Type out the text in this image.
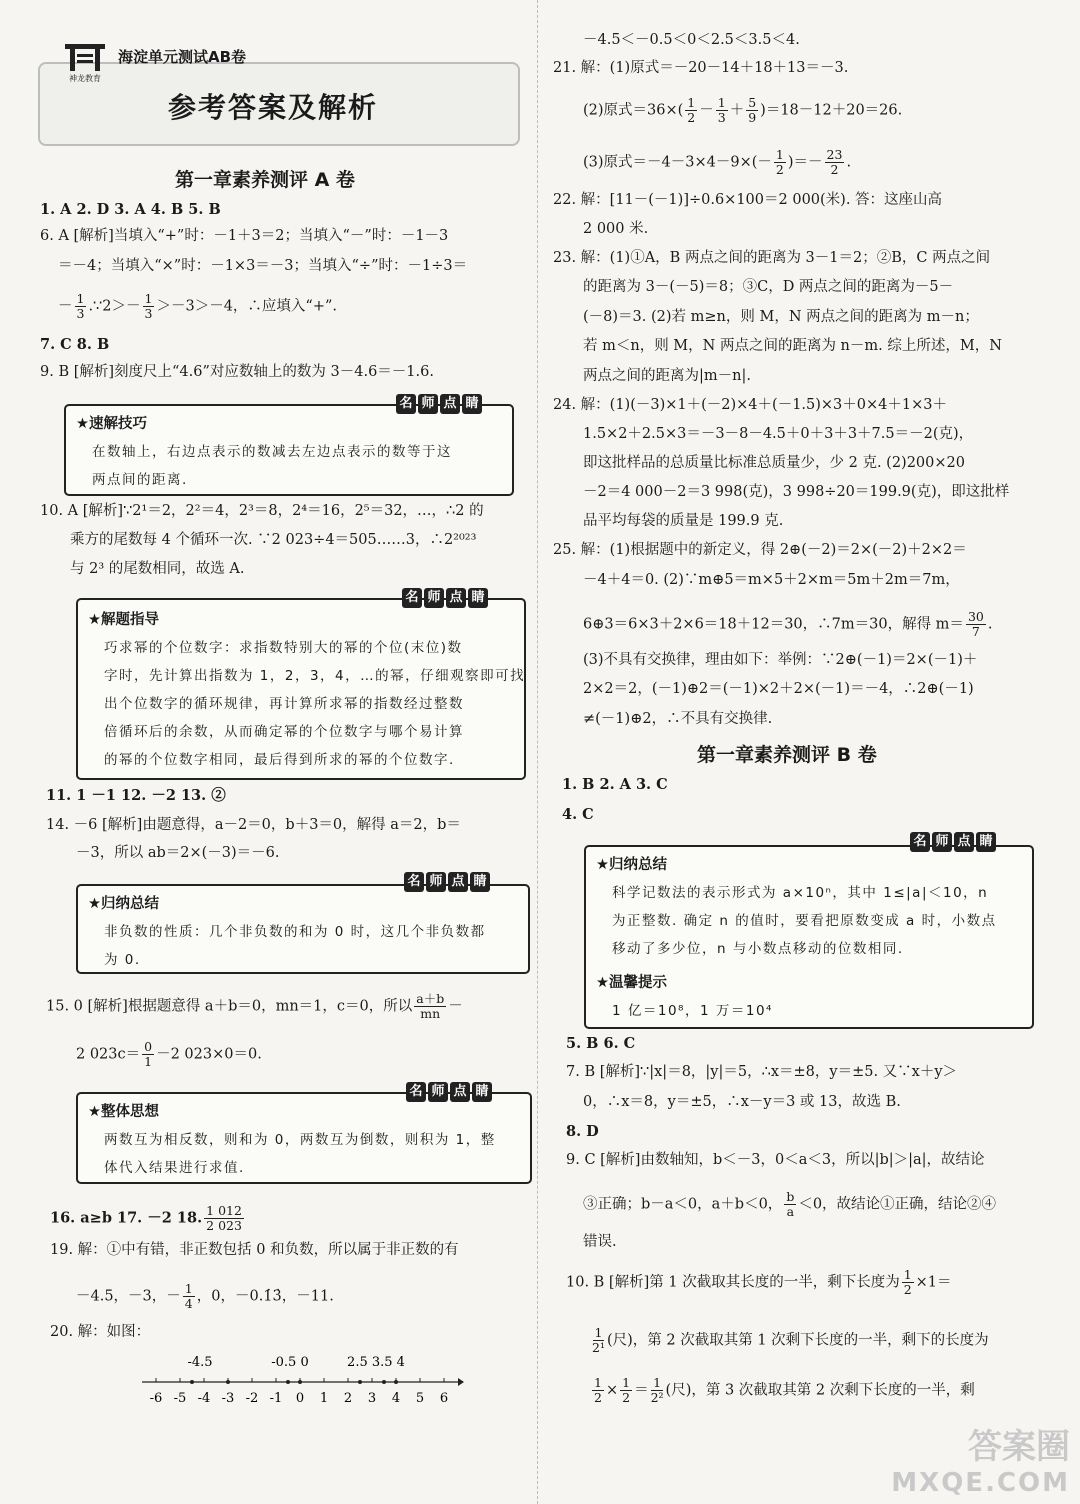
神龙教育
海淀单元测试AB卷
参考答案及解析
第一章素养测评 A 卷
1. A 2. D 3. A 4. B 5. B
6. A [解析]当填入“+”时：－1＋3＝2；当填入“－”时：－1－3
＝－4；当填入“×”时：－1×3＝－3；当填入“÷”时：－1÷3＝
－ $\frac{1}{3}$ .∵2＞－ $\frac{1}{3} >-3>-4$，∴应填入“+”.
7. C 8. B
9. B [解析]刻度尺上“4.6”对应数轴上的数为 3－4.6＝－1.6.
★速解技巧
在数轴上，右边点表示的数减去左边点表示的数等于这
两点间的距离.
名 师 点 睛
10. A [解析]∵2¹＝2，2²＝4，2³＝8，2⁴＝16，2⁵＝32，…，∴2 的
乘方的尾数每 4 个循环一次. ∵2 023÷4＝505……3，∴2²⁰²³
与 2³ 的尾数相同，故选 A.
★解题指导
巧求幂的个位数字：求指数特别大的幂的个位(末位)数
字时，先计算出指数为 1，2，3，4，…的幂，仔细观察即可找
出个位数字的循环规律，再计算所求幂的指数经过整数
倍循环后的余数，从而确定幂的个位数字与哪个易计算
的幂的个位数字相同，最后得到所求的幂的个位数字.
名 师 点 睛
11. 1 －1 12. －2 13. ②
14. －6 [解析]由题意得，a－2＝0，b＋3＝0，解得 a＝2，b＝
－3，所以 ab＝2×(－3)＝－6.
★归纳总结
非负数的性质：几个非负数的和为 0 时，这几个非负数都
为 0.
名 师 点 睛
15. 0 [解析]根据题意得 a＋b＝0，mn＝1，c＝0，所以 $\frac{a+b}{mn}$ －
2 $023c= \frac{0}{1} -2$ 023×0＝0.
★整体思想
两数互为相反数，则和为 0，两数互为倒数，则积为 1，整
体代入结果进行求值.
名 师 点 睛
16. a≥b 17. －2 18. $\frac{1 012}{2 023}$
19. 解：①中有错，非正数包括 0 和负数，所以属于非正数的有
－4.5，－3，－ $\frac{1}{4}$ ，0，－0.1̇3̇，－11.
20. 解：如图：
-6 -5 -4 -3 -2 -1 0 1 2 3 4 5 6
-4.5	-0.5 0	2.5 3.5 4
－4.5＜－0.5＜0＜2.5＜3.5＜4.
21. 解：(1)原式＝－20－14＋18＋13＝－3.
(2)原式$=36\times( \frac{1}{2} - \frac{1}{3} + \frac{5}{9} )=18-12+20=26$.
(3)原式$=-4-3\times 4-9\times(- \frac{1}{2}$ )＝－ $\frac{23}{2}$ .
22. 解：[11－(－1)]÷0.6×100＝2 000(米). 答：这座山高
2 000 米.
23. 解：(1)①A，B 两点之间的距离为 3－1＝2；②B，C 两点之间
的距离为 3－(－5)＝8；③C，D 两点之间的距离为－5－
(－8)＝3. (2)若 m≥n，则 M，N 两点之间的距离为 m－n；
若 m＜n，则 M，N 两点之间的距离为 n－m. 综上所述，M，N
两点之间的距离为|m－n|.
24. 解：(1)(－3)×1＋(－2)×4＋(－1.5)×3＋0×4＋1×3＋
1.5×2＋2.5×3＝－3－8－4.5＋0＋3＋3＋7.5＝－2(克)，
即这批样品的总质量比标准总质量少，少 2 克. (2)200×20
－2＝4 000－2＝3 998(克)，3 998÷20＝199.9(克)，即这批样
品平均每袋的质量是 199.9 克.
25. 解：(1)根据题中的新定义，得 2⊕(－2)＝2×(－2)＋2×2＝
－4＋4＝0. (2)∵m⊕5＝m×5＋2×m＝5m＋2m＝7m，
6⊕3＝6×3＋2×6＝18＋12＝30，∴7m＝30，解得 $m= \frac{30}{7}$ .
(3)不具有交换律，理由如下：举例：∵2⊕(－1)＝2×(－1)＋
2×2＝2，(－1)⊕2＝(－1)×2＋2×(－1)＝－4，∴2⊕(－1)
≠(－1)⊕2，∴不具有交换律.
第一章素养测评 B 卷
1. B 2. A 3. C
4. C
★归纳总结
科学记数法的表示形式为 a×10ⁿ，其中 1≤|a|＜10，n
为正整数. 确定 n 的值时，要看把原数变成 a 时，小数点
移动了多少位，n 与小数点移动的位数相同.
★温馨提示
1 亿＝10⁸，1 万＝10⁴
名 师 点 睛
5. B 6. C
7. B [解析]∵|x|＝8，|y|＝5，∴x＝±8，y＝±5. 又∵x＋y＞
0，∴x＝8，y＝±5，∴x－y＝3 或 13，故选 B.
8. D
9. C [解析]由数轴知，b＜－3，0＜a＜3，所以|b|＞|a|，故结论
③正确；b－a＜0，a＋b＜0， $\frac{b}{a} <0$，故结论①正确，结论②④
错误.
10. B [解析]第 1 次截取其长度的一半，剩下长度为 $\frac{1}{2} \times 1=$
$\frac{1}{\text{2¹}}$ (尺)，第 2 次截取其第 1 次剩下长度的一半，剩下的长度为
$\frac{1}{2} \times \frac{1}{2} = \frac{1}{\text{2²}}$ (尺)，第 3 次截取其第 2 次剩下长度的一半，剩
答案圈
MXQE.COM
